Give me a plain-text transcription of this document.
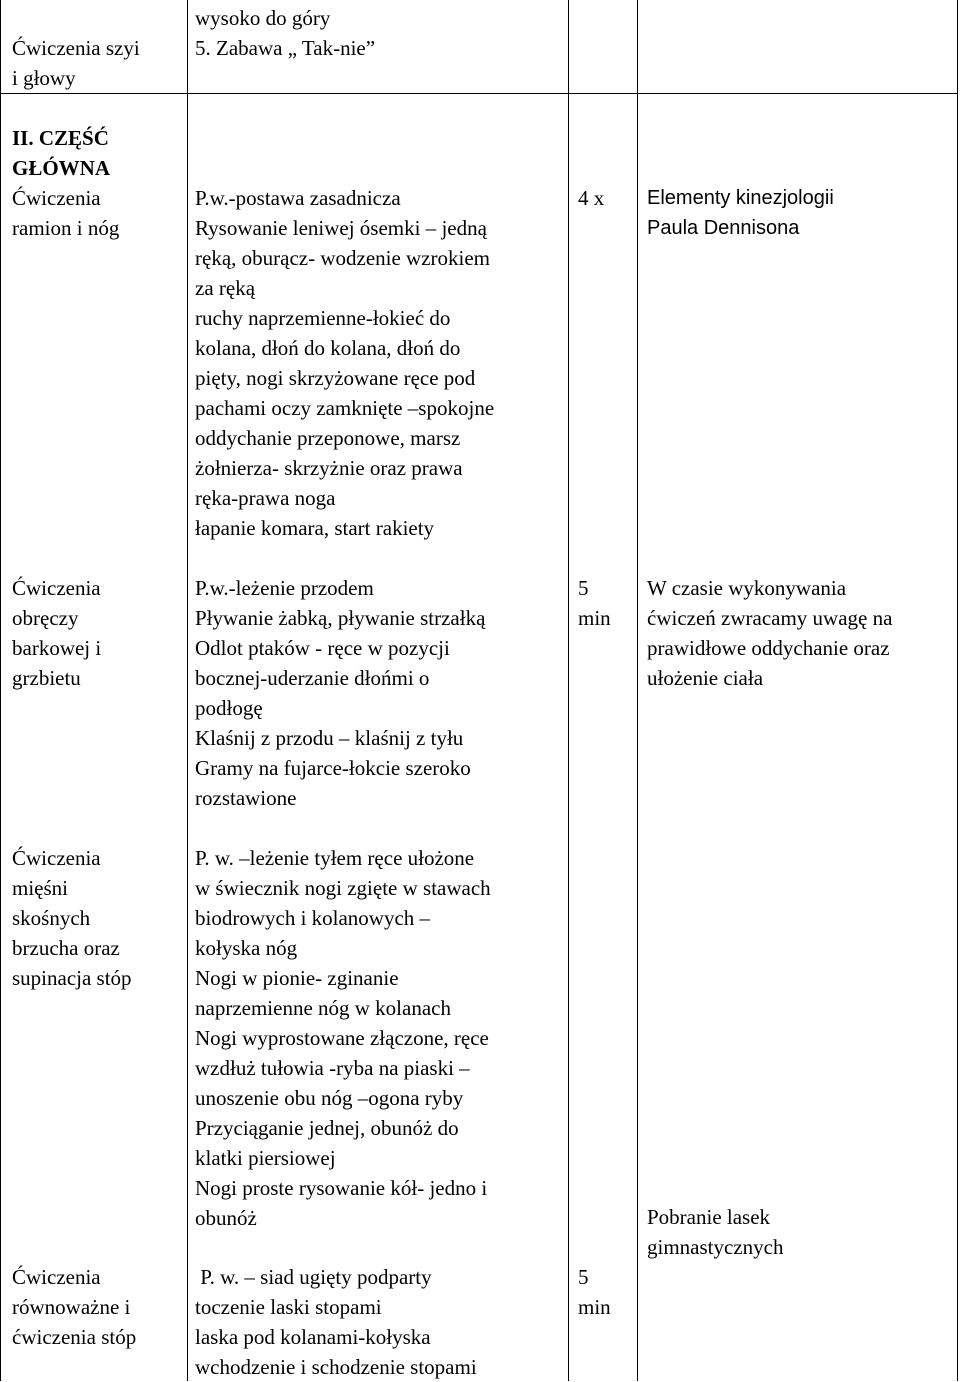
Ćwiczenia szyi
i głowy
II. CZĘŚĆ
GŁÓWNA
Ćwiczenia
ramion i nóg
Ćwiczenia
obręczy
barkowej i
grzbietu
Ćwiczenia
mięśni
skośnych
brzucha oraz
supinacja stóp
Ćwiczenia
równoważne i
ćwiczenia stóp
wysoko do góry
5. Zabawa „ Tak-nie”
P.w.-postawa zasadnicza
Rysowanie leniwej ósemki – jedną
ręką, oburącz- wodzenie wzrokiem
za ręką
ruchy naprzemienne-łokieć do
kolana, dłoń do kolana, dłoń do
pięty, nogi skrzyżowane ręce pod
pachami oczy zamknięte –spokojne
oddychanie przeponowe, marsz
żołnierza- skrzyżnie oraz prawa
ręka-prawa noga
łapanie komara, start rakiety
P.w.-leżenie przodem
Pływanie żabką, pływanie strzałką
Odlot ptaków - ręce w pozycji
bocznej-uderzanie dłońmi o
podłogę
Klaśnij z przodu – klaśnij z tyłu
Gramy na fujarce-łokcie szeroko
rozstawione
P. w. –leżenie tyłem ręce ułożone
w świecznik nogi zgięte w stawach
biodrowych i kolanowych –
kołyska nóg
Nogi w pionie- zginanie
naprzemienne nóg w kolanach
Nogi wyprostowane złączone, ręce
wzdłuż tułowia -ryba na piaski –
unoszenie obu nóg –ogona ryby
Przyciąganie jednej, obunóż do
klatki piersiowej
Nogi proste rysowanie kół- jedno i
obunóż
P. w. – siad ugięty podparty
toczenie laski stopami
laska pod kolanami-kołyska
wchodzenie i schodzenie stopami
4 x
5
min
5
min
Elementy kinezjologii
Paula Dennisona
W czasie wykonywania
ćwiczeń zwracamy uwagę na
prawidłowe oddychanie oraz
ułożenie ciała
Pobranie lasek
gimnastycznych
